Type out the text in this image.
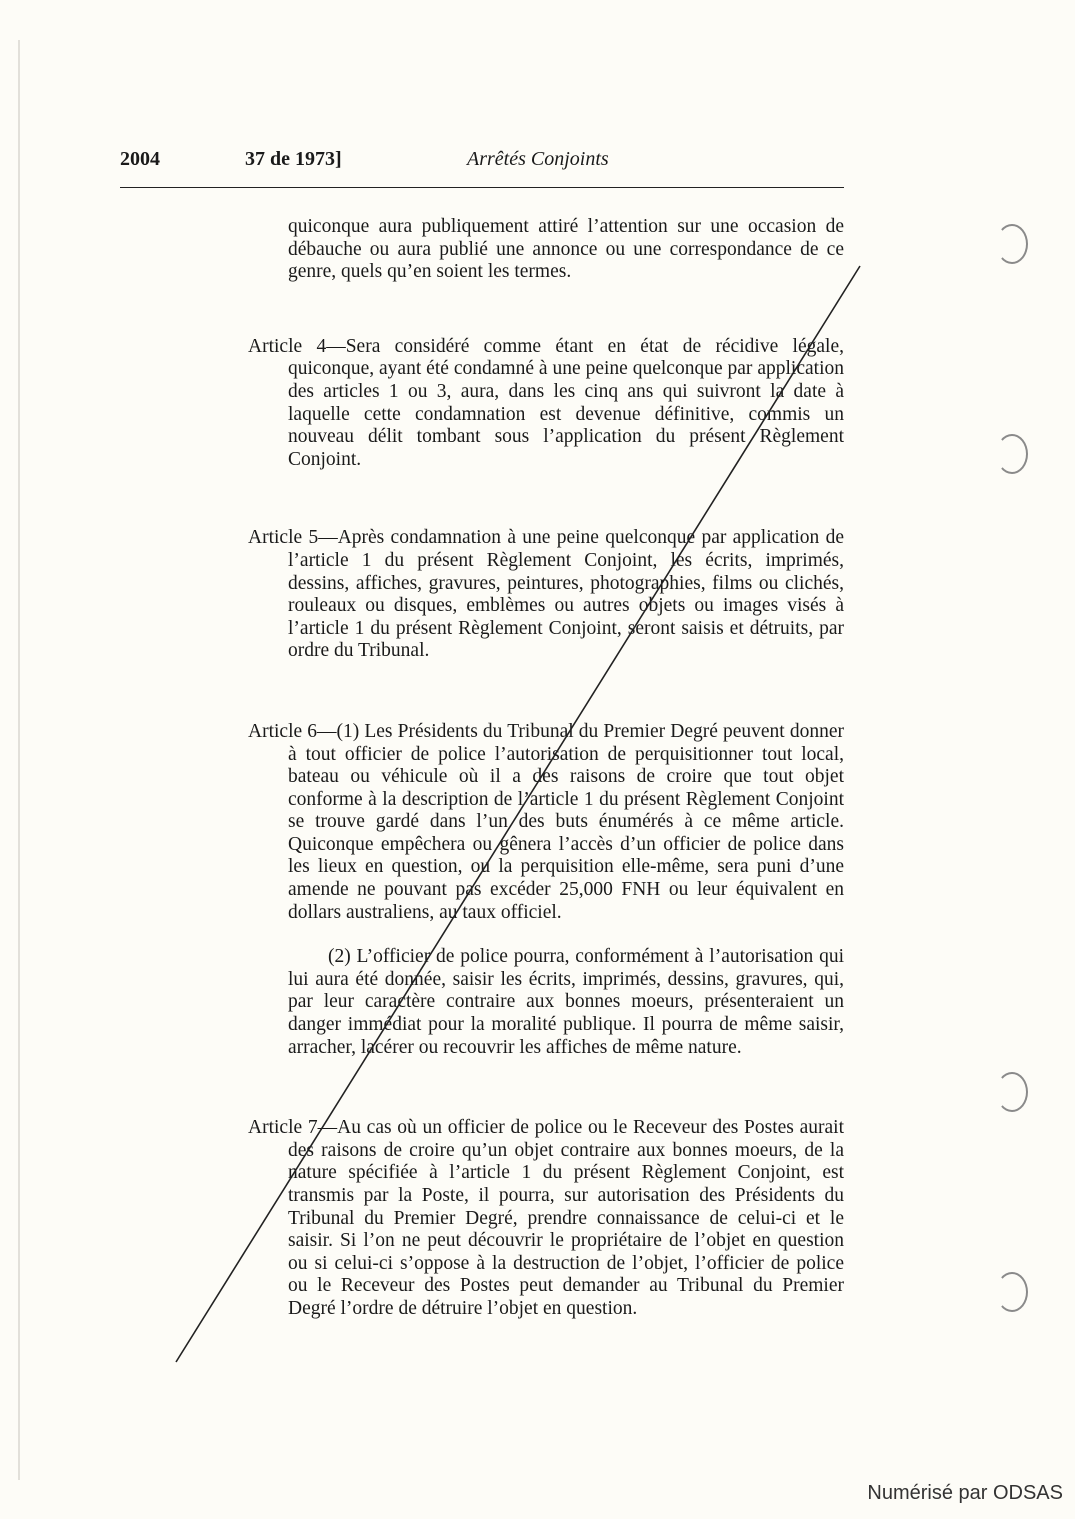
2004	37 de 1973]	Arrêtés Conjoints

quiconque aura publiquement attiré l’attention sur une occasion de débauche ou aura publié une annonce ou une correspondance de ce genre, quels qu’en soient les termes.

Article 4—Sera considéré comme étant en état de récidive légale, quiconque, ayant été condamné à une peine quelconque par application des articles 1 ou 3, aura, dans les cinq ans qui suivront la date à laquelle cette condamnation est devenue définitive, commis un nouveau délit tombant sous l’application du présent Règlement Conjoint.

Article 5—Après condamnation à une peine quelconque par application de l’article 1 du présent Règlement Conjoint, les écrits, imprimés, dessins, affiches, gravures, peintures, photographies, films ou clichés, rouleaux ou disques, emblèmes ou autres objets ou images visés à l’article 1 du présent Règlement Conjoint, seront saisis et détruits, par ordre du Tribunal.

Article 6—(1) Les Présidents du Tribunal du Premier Degré peuvent donner à tout officier de police l’autorisation de perquisitionner tout local, bateau ou véhicule où il a des raisons de croire que tout objet conforme à la description de l’article 1 du présent Règlement Conjoint se trouve gardé dans l’un des buts énumérés à ce même article. Quiconque empêchera ou gênera l’accès d’un officier de police dans les lieux en question, ou la perquisition elle-même, sera puni d’une amende ne pouvant pas excéder 25,000 FNH ou leur équivalent en dollars australiens, au taux officiel.

(2) L’officier de police pourra, conformément à l’autorisation qui lui aura été donnée, saisir les écrits, imprimés, dessins, gravures, qui, par leur caractère contraire aux bonnes moeurs, présenteraient un danger immédiat pour la moralité publique. Il pourra de même saisir, arracher, lacérer ou recouvrir les affiches de même nature.

Article 7—Au cas où un officier de police ou le Receveur des Postes aurait des raisons de croire qu’un objet contraire aux bonnes moeurs, de la nature spécifiée à l’article 1 du présent Règlement Conjoint, est transmis par la Poste, il pourra, sur autorisation des Présidents du Tribunal du Premier Degré, prendre connaissance de celui-ci et le saisir. Si l’on ne peut découvrir le propriétaire de l’objet en question ou si celui-ci s’oppose à la destruction de l’objet, l’officier de police ou le Receveur des Postes peut demander au Tribunal du Premier Degré l’ordre de détruire l’objet en question.

Numérisé par ODSAS
